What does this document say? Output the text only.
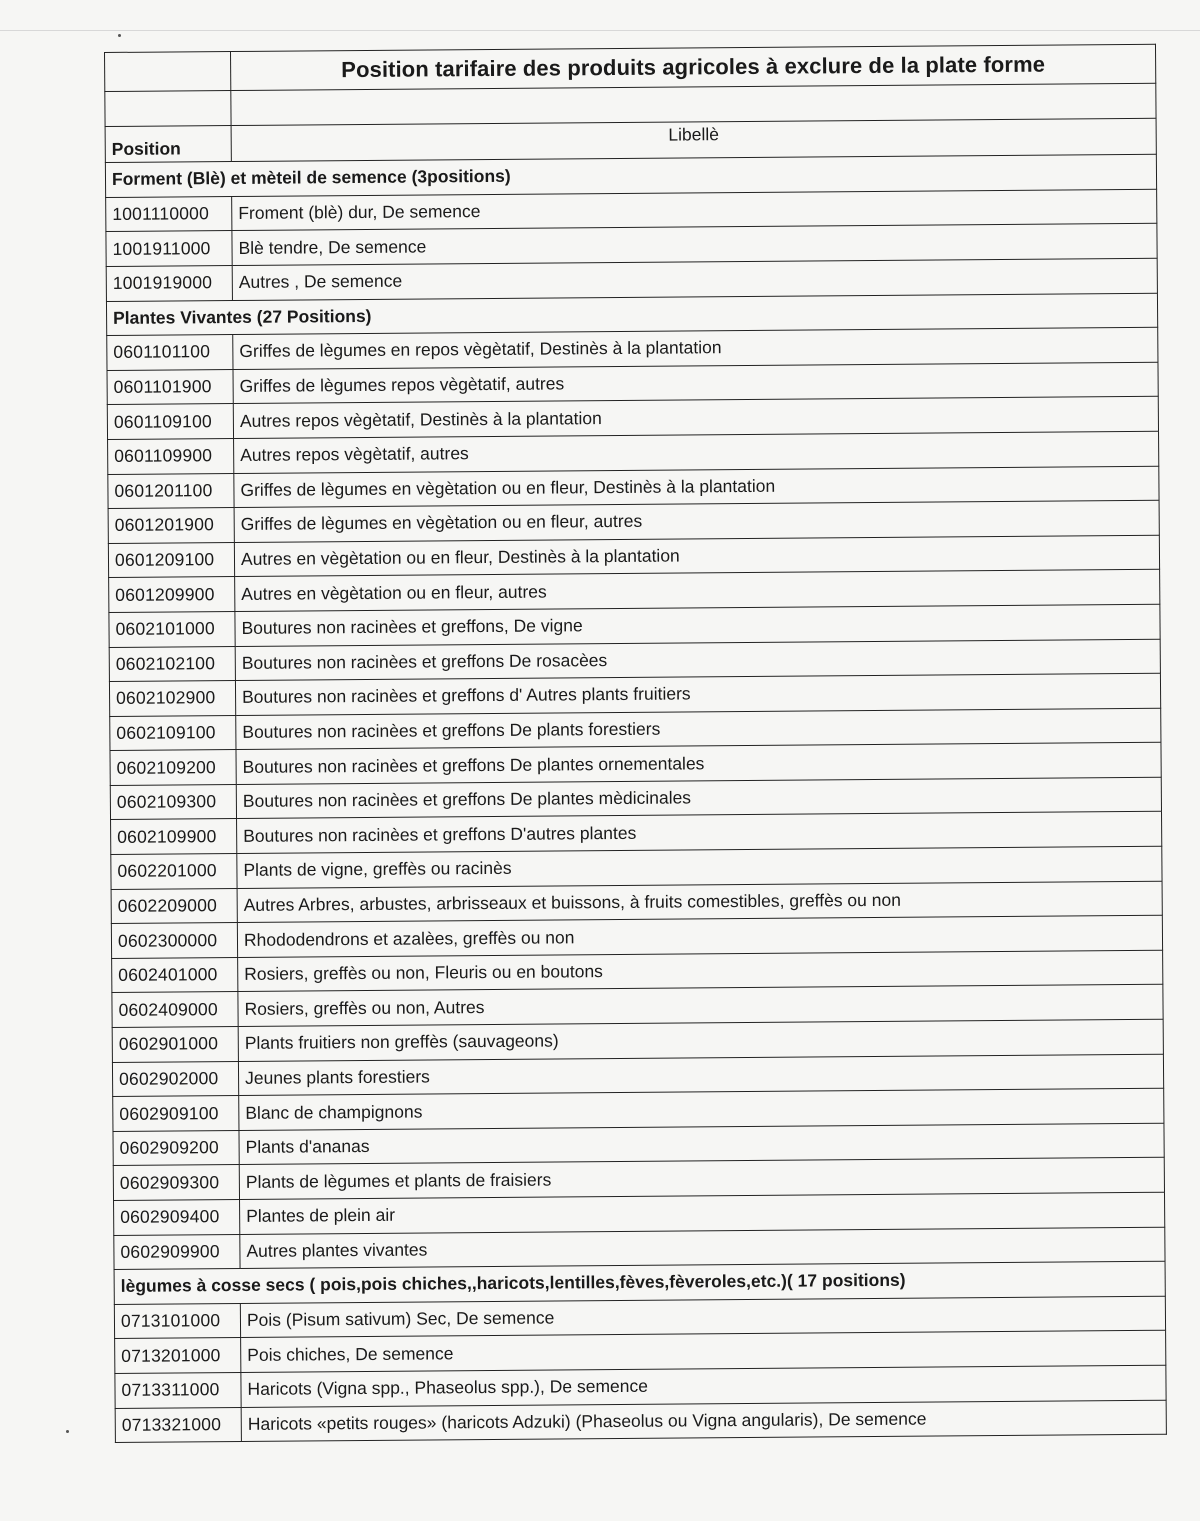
	Position tarifaire des produits agricoles à exclure de la plate forme

Position	Libellè
Forment (Blè) et mèteil de semence (3positions)	
1001110000	Froment (blè) dur, De semence
1001911000	Blè tendre, De semence
1001919000	Autres , De semence
Plantes Vivantes (27 Positions)	
0601101100	Griffes de lègumes en repos vègètatif, Destinès à la plantation
0601101900	Griffes de lègumes repos vègètatif, autres
0601109100	Autres repos vègètatif, Destinès à la plantation
0601109900	Autres repos vègètatif, autres
0601201100	Griffes de lègumes en vègètation ou en fleur, Destinès à la plantation
0601201900	Griffes de lègumes en vègètation ou en fleur, autres
0601209100	Autres en vègètation ou en fleur, Destinès à la plantation
0601209900	Autres en vègètation ou en fleur, autres
0602101000	Boutures non racinèes et greffons, De vigne
0602102100	Boutures non racinèes et greffons De rosacèes
0602102900	Boutures non racinèes et greffons d' Autres plants fruitiers
0602109100	Boutures non racinèes et greffons De plants forestiers
0602109200	Boutures non racinèes et greffons De plantes ornementales
0602109300	Boutures non racinèes et greffons De plantes mèdicinales
0602109900	Boutures non racinèes et greffons D'autres plantes
0602201000	Plants de vigne, greffès ou racinès
0602209000	Autres Arbres, arbustes, arbrisseaux et buissons, à fruits comestibles, greffès ou non
0602300000	Rhododendrons et azalèes, greffès ou non
0602401000	Rosiers, greffès ou non, Fleuris ou en boutons
0602409000	Rosiers, greffès ou non, Autres
0602901000	Plants fruitiers non greffès (sauvageons)
0602902000	Jeunes plants forestiers
0602909100	Blanc de champignons
0602909200	Plants d'ananas
0602909300	Plants de lègumes et plants de fraisiers
0602909400	Plantes de plein air
0602909900	Autres plantes vivantes
lègumes à cosse secs ( pois,pois chiches,,haricots,lentilles,fèves,fèveroles,etc.)( 17 positions)	
0713101000	Pois (Pisum sativum) Sec, De semence
0713201000	Pois chiches, De semence
0713311000	Haricots (Vigna spp., Phaseolus spp.), De semence
0713321000	Haricots «petits rouges» (haricots Adzuki) (Phaseolus ou Vigna angularis), De semence
